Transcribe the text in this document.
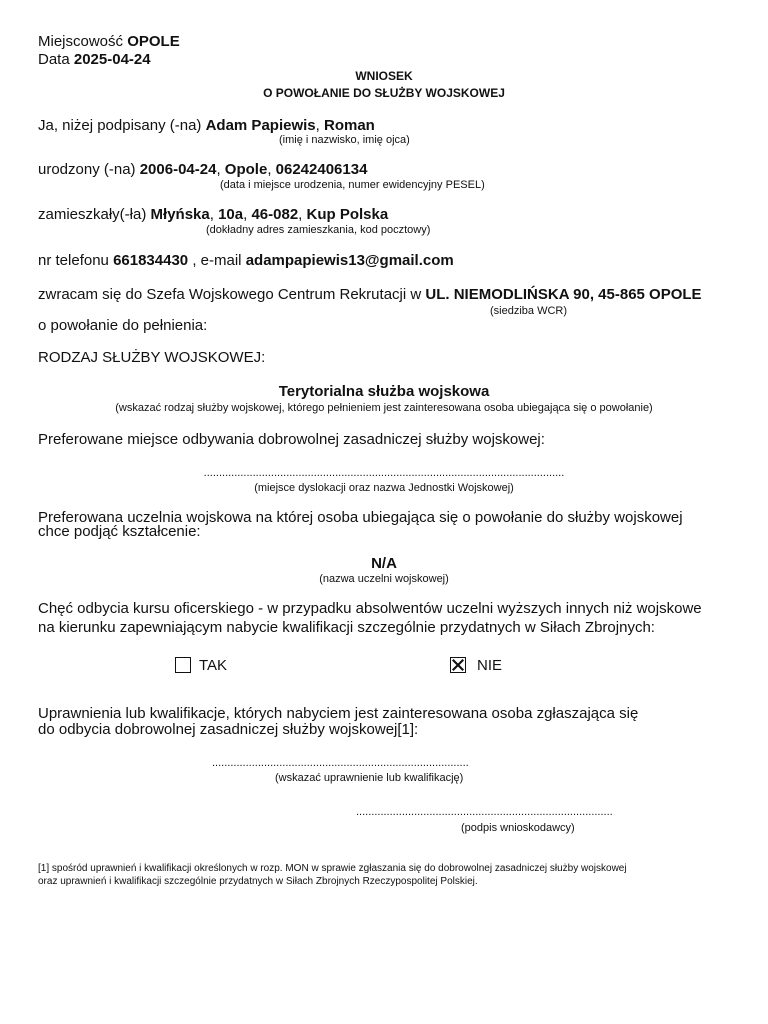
Miejscowość OPOLE
Data 2025-04-24
WNIOSEK
O POWOŁANIE DO SŁUŻBY WOJSKOWEJ
Ja, niżej podpisany (-na) Adam Papiewis, Roman
(imię i nazwisko, imię ojca)
urodzony (-na) 2006-04-24, Opole, 06242406134
(data i miejsce urodzenia, numer ewidencyjny PESEL)
zamieszkały(-ła) Młyńska, 10a, 46-082, Kup Polska
(dokładny adres zamieszkania, kod pocztowy)
nr telefonu 661834430 , e-mail adampapiewis13@gmail.com
zwracam się do Szefa Wojskowego Centrum Rekrutacji w UL. NIEMODLIŃSKA 90, 45-865 OPOLE
(siedziba WCR)
o powołanie do pełnienia:
RODZAJ SŁUŻBY WOJSKOWEJ:
Terytorialna służba wojskowa
(wskazać rodzaj służby wojskowej, którego pełnieniem jest zainteresowana osoba ubiegająca się o powołanie)
Preferowane miejsce odbywania dobrowolnej zasadniczej służby wojskowej:
......................................................................................................................
(miejsce dyslokacji oraz nazwa Jednostki Wojskowej)
Preferowana uczelnia wojskowa na której osoba ubiegająca się o powołanie do służby wojskowej
chce podjąć kształcenie:
N/A
(nazwa uczelni wojskowej)
Chęć odbycia kursu oficerskiego - w przypadku absolwentów uczelni wyższych innych niż wojskowe
na kierunku zapewniającym nabycie kwalifikacji szczególnie przydatnych w Siłach Zbrojnych:
TAK	NIE
Uprawnienia lub kwalifikacje, których nabyciem jest zainteresowana osoba zgłaszająca się
do odbycia dobrowolnej zasadniczej służby wojskowej[1]:
....................................................................................
(wskazać uprawnienie lub kwalifikację)
....................................................................................
(podpis wnioskodawcy)
[1] spośród uprawnień i kwalifikacji określonych w rozp. MON w sprawie zgłaszania się do dobrowolnej zasadniczej służby wojskowej
oraz uprawnień i kwalifikacji szczególnie przydatnych w Siłach Zbrojnych Rzeczypospolitej Polskiej.
